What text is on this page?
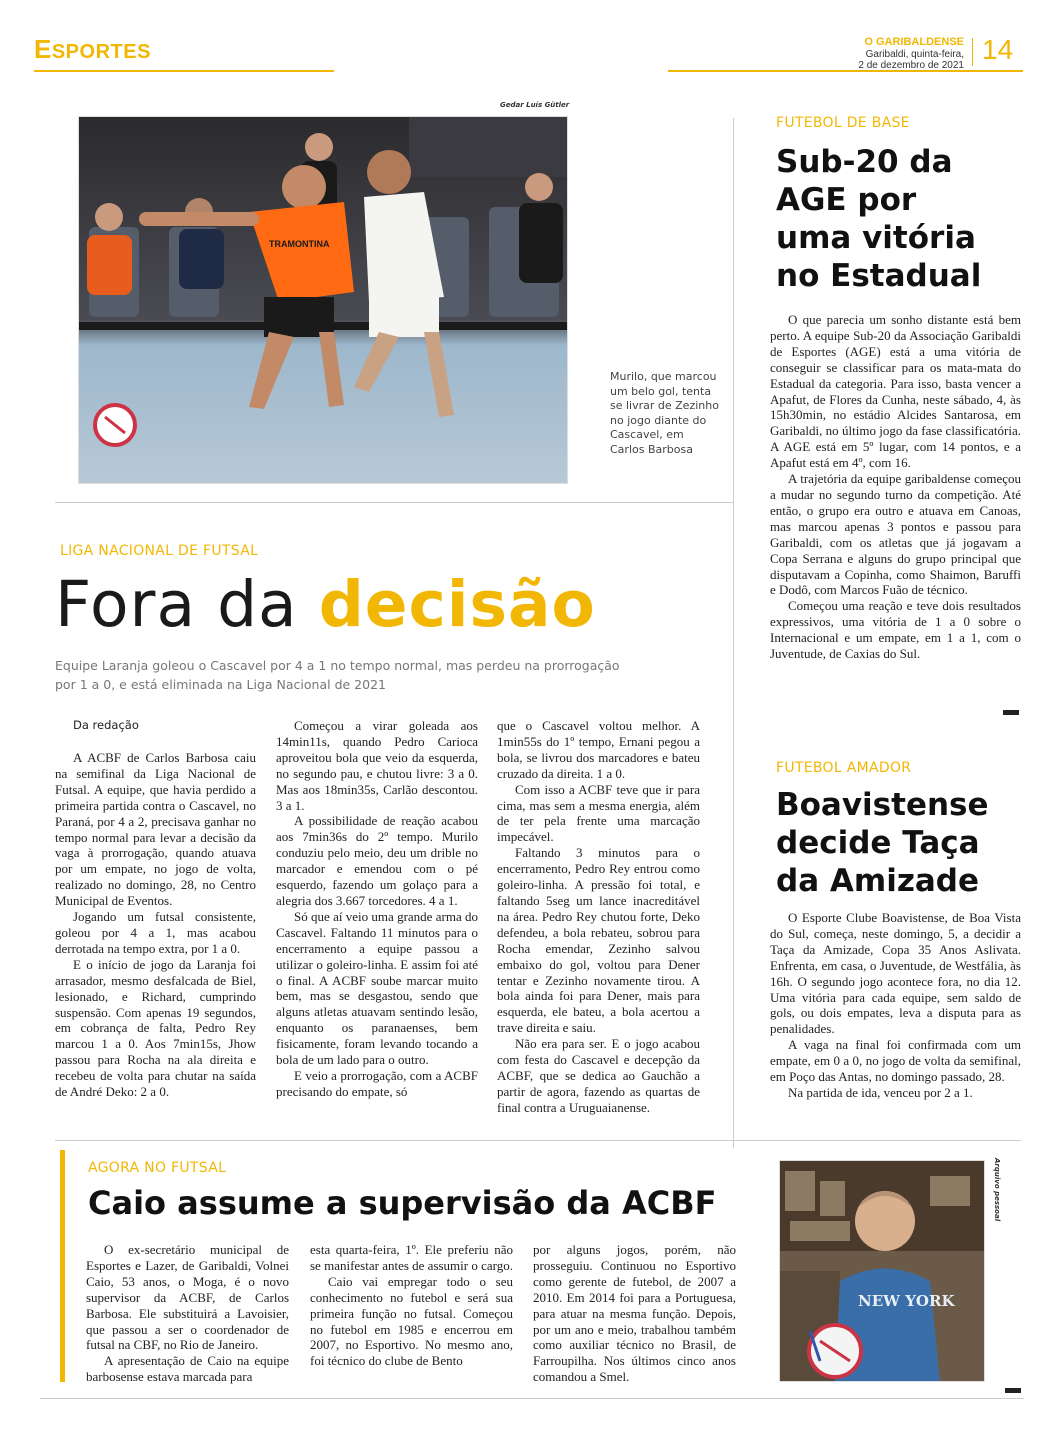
ESPORTES	O GARIBALDENSE
Garibaldi, quinta-feira,
2 de dezembro de 2021
14
Gedar Luís Gütler
TRAMONTINA
Murilo, que marcou um belo gol, tenta se livrar de Zezinho no jogo diante do Cascavel, em Carlos Barbosa
LIGA NACIONAL DE FUTSAL
Fora da decisão
Equipe Laranja goleou o Cascavel por 4 a 1 no tempo normal, mas perdeu na prorrogação por 1 a 0, e está eliminada na Liga Nacional de 2021
Da redação

A ACBF de Carlos Barbosa caiu na semifinal da Liga Nacional de Futsal. A equipe, que havia perdido a primeira partida contra o Cascavel, no Paraná, por 4 a 2, precisava ganhar no tempo normal para levar a decisão da vaga à prorrogação, quando atuava por um empate, no jogo de volta, realizado no domingo, 28, no Centro Municipal de Eventos.

Jogando um futsal consistente, goleou por 4 a 1, mas acabou derrotada na tempo extra, por 1 a 0.

E o início de jogo da Laranja foi arrasador, mesmo desfalcada de Biel, lesionado, e Richard, cumprindo suspensão. Com apenas 19 segundos, em cobrança de falta, Pedro Rey marcou 1 a 0. Aos 7min15s, Jhow passou para Rocha na ala direita e recebeu de volta para chutar na saída de André Deko: 2 a 0.

Começou a virar goleada aos 14min11s, quando Pedro Carioca aproveitou bola que veio da esquerda, no segundo pau, e chutou livre: 3 a 0. Mas aos 18min35s, Carlão descontou. 3 a 1.

A possibilidade de reação acabou aos 7min36s do 2º tempo. Murilo conduziu pelo meio, deu um drible no marcador e emendou com o pé esquerdo, fazendo um golaço para a alegria dos 3.667 torcedores. 4 a 1.

Só que aí veio uma grande arma do Cascavel. Faltando 11 minutos para o encerramento a equipe passou a utilizar o goleiro-linha. E assim foi até o final. A ACBF soube marcar muito bem, mas se desgastou, sendo que alguns atletas atuavam sentindo lesão, enquanto os paranaenses, bem fisicamente, foram levando tocando a bola de um lado para o outro.

E veio a prorrogação, com a ACBF precisando do empate, só

que o Cascavel voltou melhor. A 1min55s do 1º tempo, Ernani pegou a bola, se livrou dos marcadores e bateu cruzado da direita. 1 a 0.

Com isso a ACBF teve que ir para cima, mas sem a mesma energia, além de ter pela frente uma marcação impecável.

Faltando 3 minutos para o encerramento, Pedro Rey entrou como goleiro-linha. A pressão foi total, e faltando 5seg um lance inacreditável na área. Pedro Rey chutou forte, Deko defendeu, a bola rebateu, sobrou para Rocha emendar, Zezinho salvou embaixo do gol, voltou para Dener tentar e Zezinho novamente tirou. A bola ainda foi para Dener, mais para esquerda, ele bateu, a bola acertou a trave direita e saiu.

Não era para ser. E o jogo acabou com festa do Cascavel e decepção da ACBF, que se dedica ao Gauchão a partir de agora, fazendo as quartas de final contra a Uruguaianense.

FUTEBOL DE BASE
Sub-20 da
AGE por
uma vitória
no Estadual

O que parecia um sonho distante está bem perto. A equipe Sub-20 da Associação Garibaldi de Esportes (AGE) está a uma vitória de conseguir se classificar para os mata-mata do Estadual da categoria. Para isso, basta vencer a Apafut, de Flores da Cunha, neste sábado, 4, às 15h30min, no estádio Alcides Santarosa, em Garibaldi, no último jogo da fase classificatória. A AGE está em 5º lugar, com 14 pontos, e a Apafut está em 4º, com 16.

A trajetória da equipe garibaldense começou a mudar no segundo turno da competição. Até então, o grupo era outro e atuava em Canoas, mas marcou apenas 3 pontos e passou para Garibaldi, com os atletas que já jogavam a Copa Serrana e alguns do grupo principal que disputavam a Copinha, como Shaimon, Baruffi e Dodô, com Marcos Fuão de técnico.

Começou uma reação e teve dois resultados expressivos, uma vitória de 1 a 0 sobre o Internacional e um empate, em 1 a 1, com o Juventude, de Caxias do Sul.

FUTEBOL AMADOR
Boavistense
decide Taça
da Amizade

O Esporte Clube Boavistense, de Boa Vista do Sul, começa, neste domingo, 5, a decidir a Taça da Amizade, Copa 35 Anos Aslivata. Enfrenta, em casa, o Juventude, de Westfália, às 16h. O segundo jogo acontece fora, no dia 12. Uma vitória para cada equipe, sem saldo de gols, ou dois empates, leva a disputa para as penalidades.

A vaga na final foi confirmada com um empate, em 0 a 0, no jogo de volta da semifinal, em Poço das Antas, no domingo passado, 28.

Na partida de ida, venceu por 2 a 1.

AGORA NO FUTSAL
Caio assume a supervisão da ACBF

O ex-secretário municipal de Esportes e Lazer, de Garibaldi, Volnei Caio, 53 anos, o Moga, é o novo supervisor da ACBF, de Carlos Barbosa. Ele substituirá a Lavoisier, que passou a ser o coordenador de futsal na CBF, no Rio de Janeiro.

A apresentação de Caio na equipe barbosense estava marcada para

esta quarta-feira, 1º. Ele preferiu não se manifestar antes de assumir o cargo.

Caio vai empregar todo o seu conhecimento no futebol e será sua primeira função no futsal. Começou no futebol em 1985 e encerrou em 2007, no Esportivo. No mesmo ano, foi técnico do clube de Bento

por alguns jogos, porém, não prosseguiu. Continuou no Esportivo como gerente de futebol, de 2007 a 2010. Em 2014 foi para a Portuguesa, para atuar na mesma função. Depois, por um ano e meio, trabalhou também como auxiliar técnico no Brasil, de Farroupilha. Nos últimos cinco anos comandou a Smel.

NEW YORK
Arquivo pessoal
